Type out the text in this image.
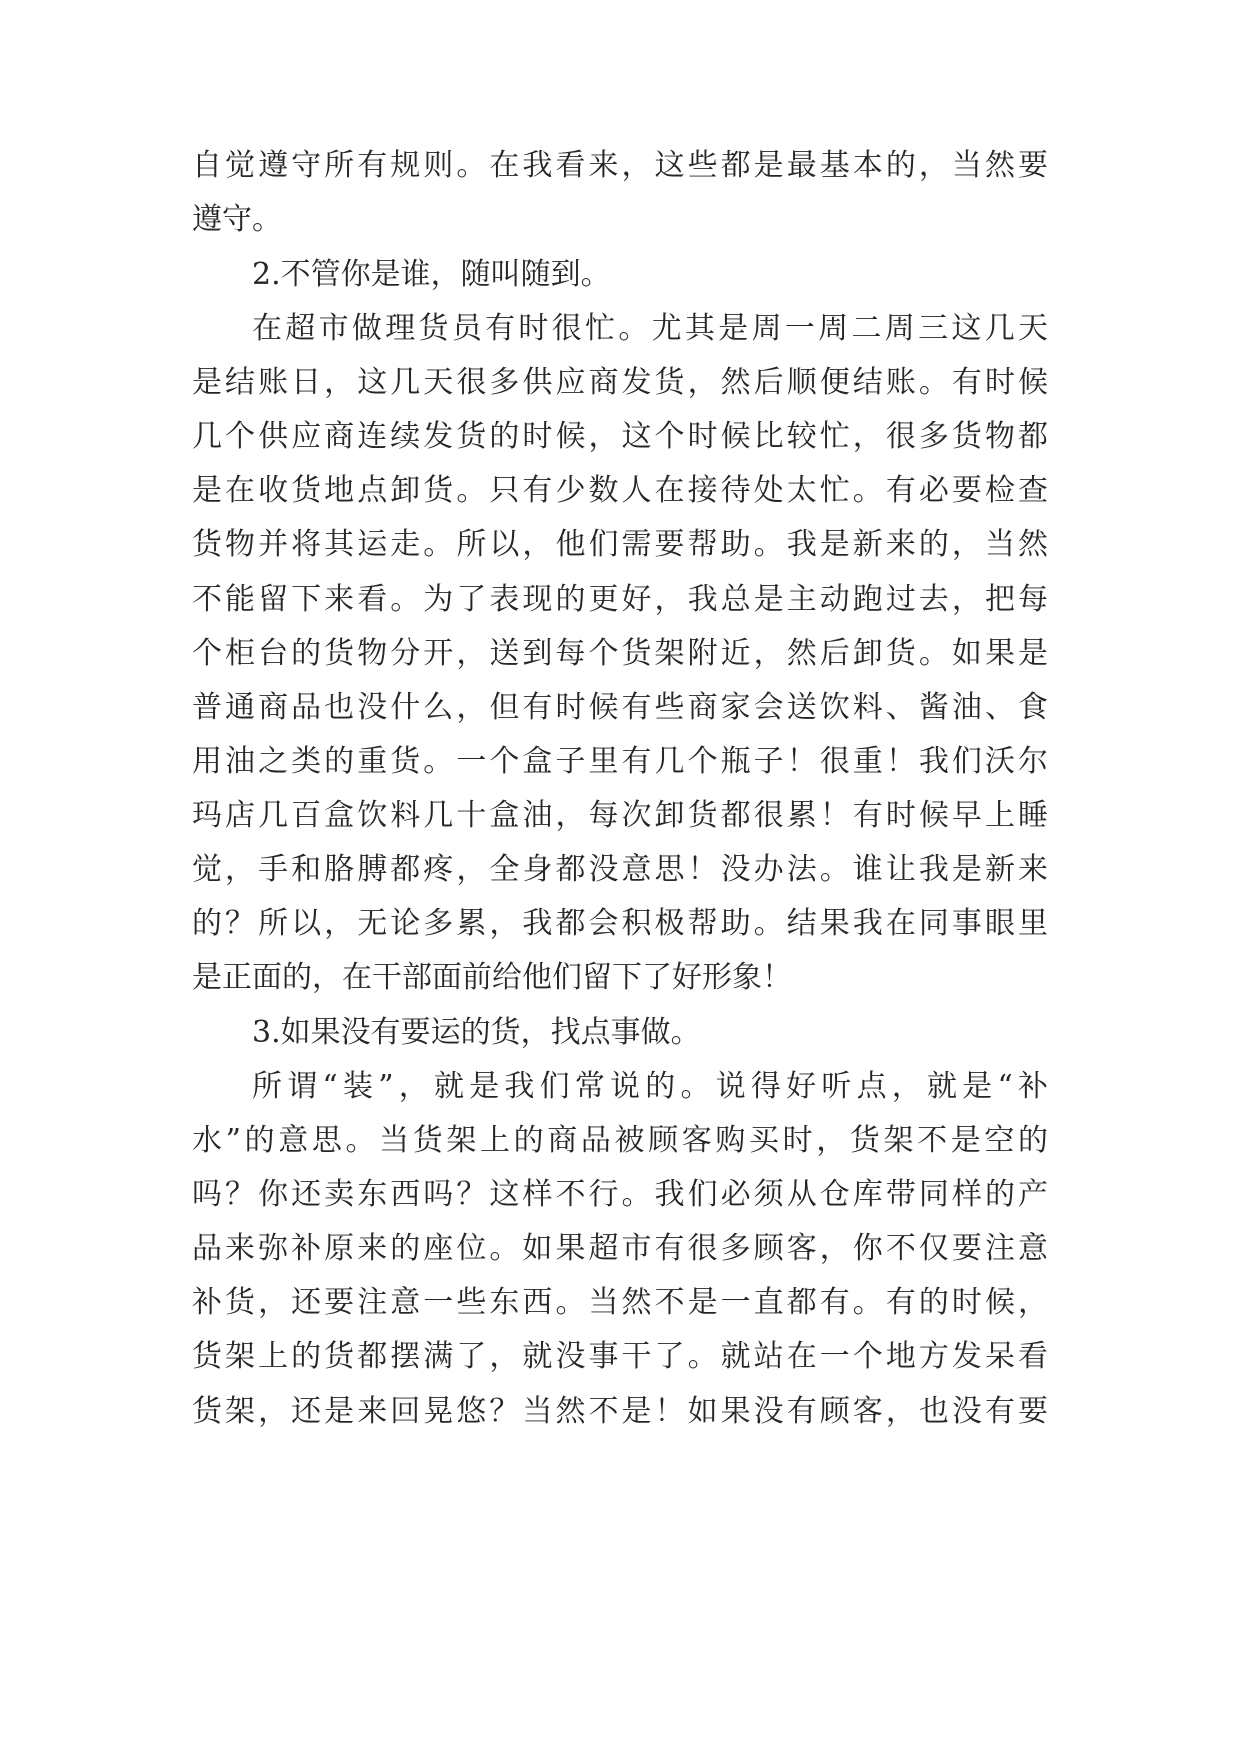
自觉遵守所有规则。在我看来，这些都是最基本的，当然要
遵守。
2.不管你是谁，随叫随到。
在超市做理货员有时很忙。尤其是周一周二周三这几天
是结账日，这几天很多供应商发货，然后顺便结账。有时候
几个供应商连续发货的时候，这个时候比较忙，很多货物都
是在收货地点卸货。只有少数人在接待处太忙。有必要检查
货物并将其运走。所以，他们需要帮助。我是新来的，当然
不能留下来看。为了表现的更好，我总是主动跑过去，把每
个柜台的货物分开，送到每个货架附近，然后卸货。如果是
普通商品也没什么，但有时候有些商家会送饮料、酱油、食
用油之类的重货。一个盒子里有几个瓶子！很重！我们沃尔
玛店几百盒饮料几十盒油，每次卸货都很累！有时候早上睡
觉，手和胳膊都疼，全身都没意思！没办法。谁让我是新来
的？所以，无论多累，我都会积极帮助。结果我在同事眼里
是正面的，在干部面前给他们留下了好形象！
3.如果没有要运的货，找点事做。
所谓“装”，就是我们常说的。说得好听点，就是“补
水”的意思。当货架上的商品被顾客购买时，货架不是空的
吗？你还卖东西吗？这样不行。我们必须从仓库带同样的产
品来弥补原来的座位。如果超市有很多顾客，你不仅要注意
补货，还要注意一些东西。当然不是一直都有。有的时候，
货架上的货都摆满了，就没事干了。就站在一个地方发呆看
货架，还是来回晃悠？当然不是！如果没有顾客，也没有要
